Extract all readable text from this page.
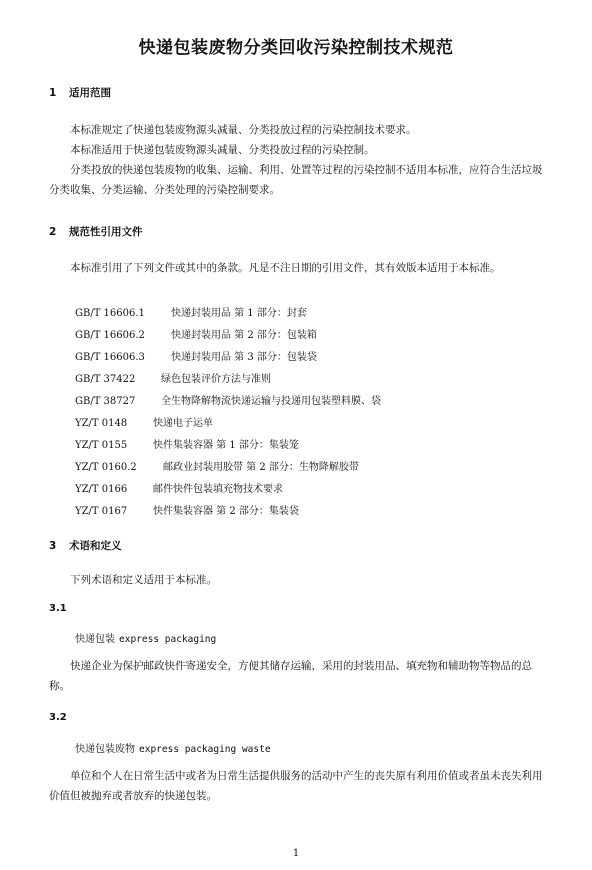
快递包装废物分类回收污染控制技术规范
1 适用范围
本标准规定了快递包装废物源头减量、分类投放过程的污染控制技术要求。
本标准适用于快递包装废物源头减量、分类投放过程的污染控制。
分类投放的快递包装废物的收集、运输、利用、处置等过程的污染控制不适用本标准，应符合生活垃圾分类收集、分类运输、分类处理的污染控制要求。
2 规范性引用文件
本标准引用了下列文件或其中的条款。凡是不注日期的引用文件，其有效版本适用于本标准。
GB/T 16606.1	快递封装用品 第 1 部分：封套
GB/T 16606.2	快递封装用品 第 2 部分：包装箱
GB/T 16606.3	快递封装用品 第 3 部分：包装袋
GB/T 37422	绿色包装评价方法与准则
GB/T 38727	全生物降解物流快递运输与投递用包装塑料膜、袋
YZ/T 0148	快递电子运单
YZ/T 0155	快件集装容器 第 1 部分：集装笼
YZ/T 0160.2	邮政业封装用胶带 第 2 部分：生物降解胶带
YZ/T 0166	邮件快件包装填充物技术要求
YZ/T 0167	快件集装容器 第 2 部分：集装袋
3 术语和定义
下列术语和定义适用于本标准。
3.1
快递包装 express packaging
快递企业为保护邮政快件寄递安全，方便其储存运输，采用的封装用品、填充物和辅助物等物品的总称。
3.2
快递包装废物 express packaging waste
单位和个人在日常生活中或者为日常生活提供服务的活动中产生的丧失原有利用价值或者虽未丧失利用价值但被抛弃或者放弃的快递包装。
1
